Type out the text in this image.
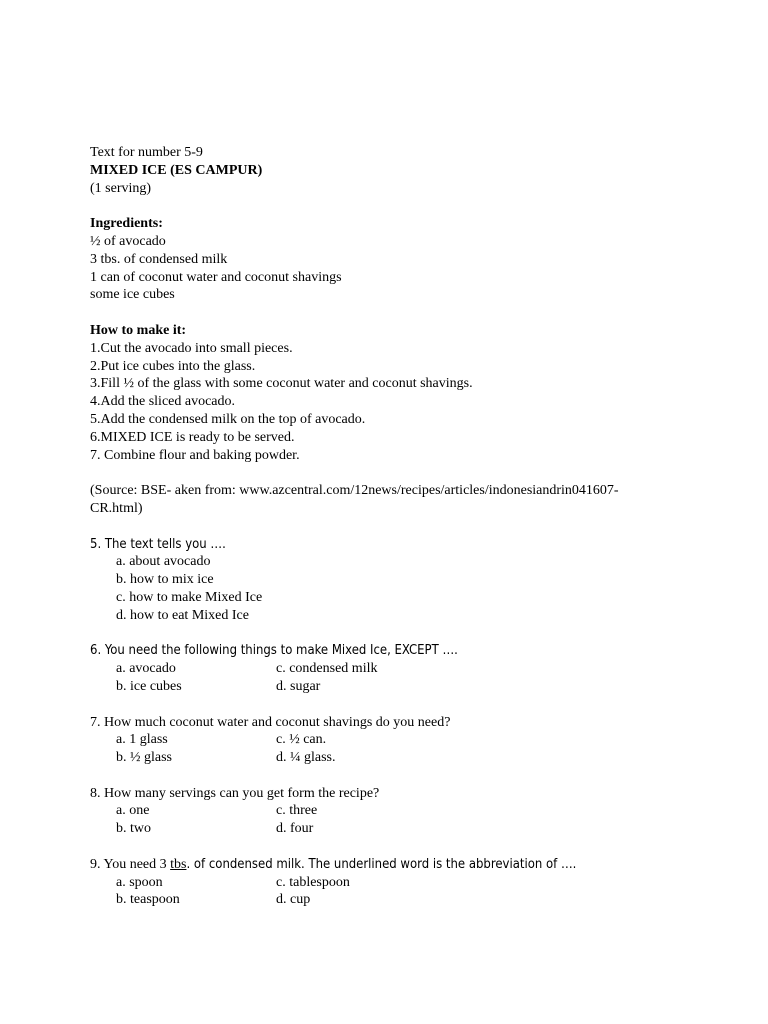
Text for number 5-9
MIXED ICE (ES CAMPUR)
(1 serving)
Ingredients:
½ of avocado
3 tbs. of condensed milk
1 can of coconut water and coconut shavings
some ice cubes
How to make it:
1.Cut the avocado into small pieces.
2.Put ice cubes into the glass.
3.Fill ½ of the glass with some coconut water and coconut shavings.
4.Add the sliced avocado.
5.Add the condensed milk on the top of avocado.
6.MIXED ICE is ready to be served.
7. Combine flour and baking powder.
(Source: BSE- aken from: www.azcentral.com/12news/recipes/articles/indonesiandrin041607-
CR.html)
5. The text tells you ….
a. about avocado
b. how to mix ice
c. how to make Mixed Ice
d. how to eat Mixed Ice
6. You need the following things to make Mixed Ice, EXCEPT ….
a. avocado	c. condensed milk
b. ice cubes	d. sugar
7. How much coconut water and coconut shavings do you need?
a. 1 glass	c. ½ can.
b. ½ glass	d. ¼ glass.
8. How many servings can you get form the recipe?
a. one	c. three
b. two	d. four
9. You need 3 tbs. of condensed milk. The underlined word is the abbreviation of ….
a. spoon	c. tablespoon
b. teaspoon	d. cup
